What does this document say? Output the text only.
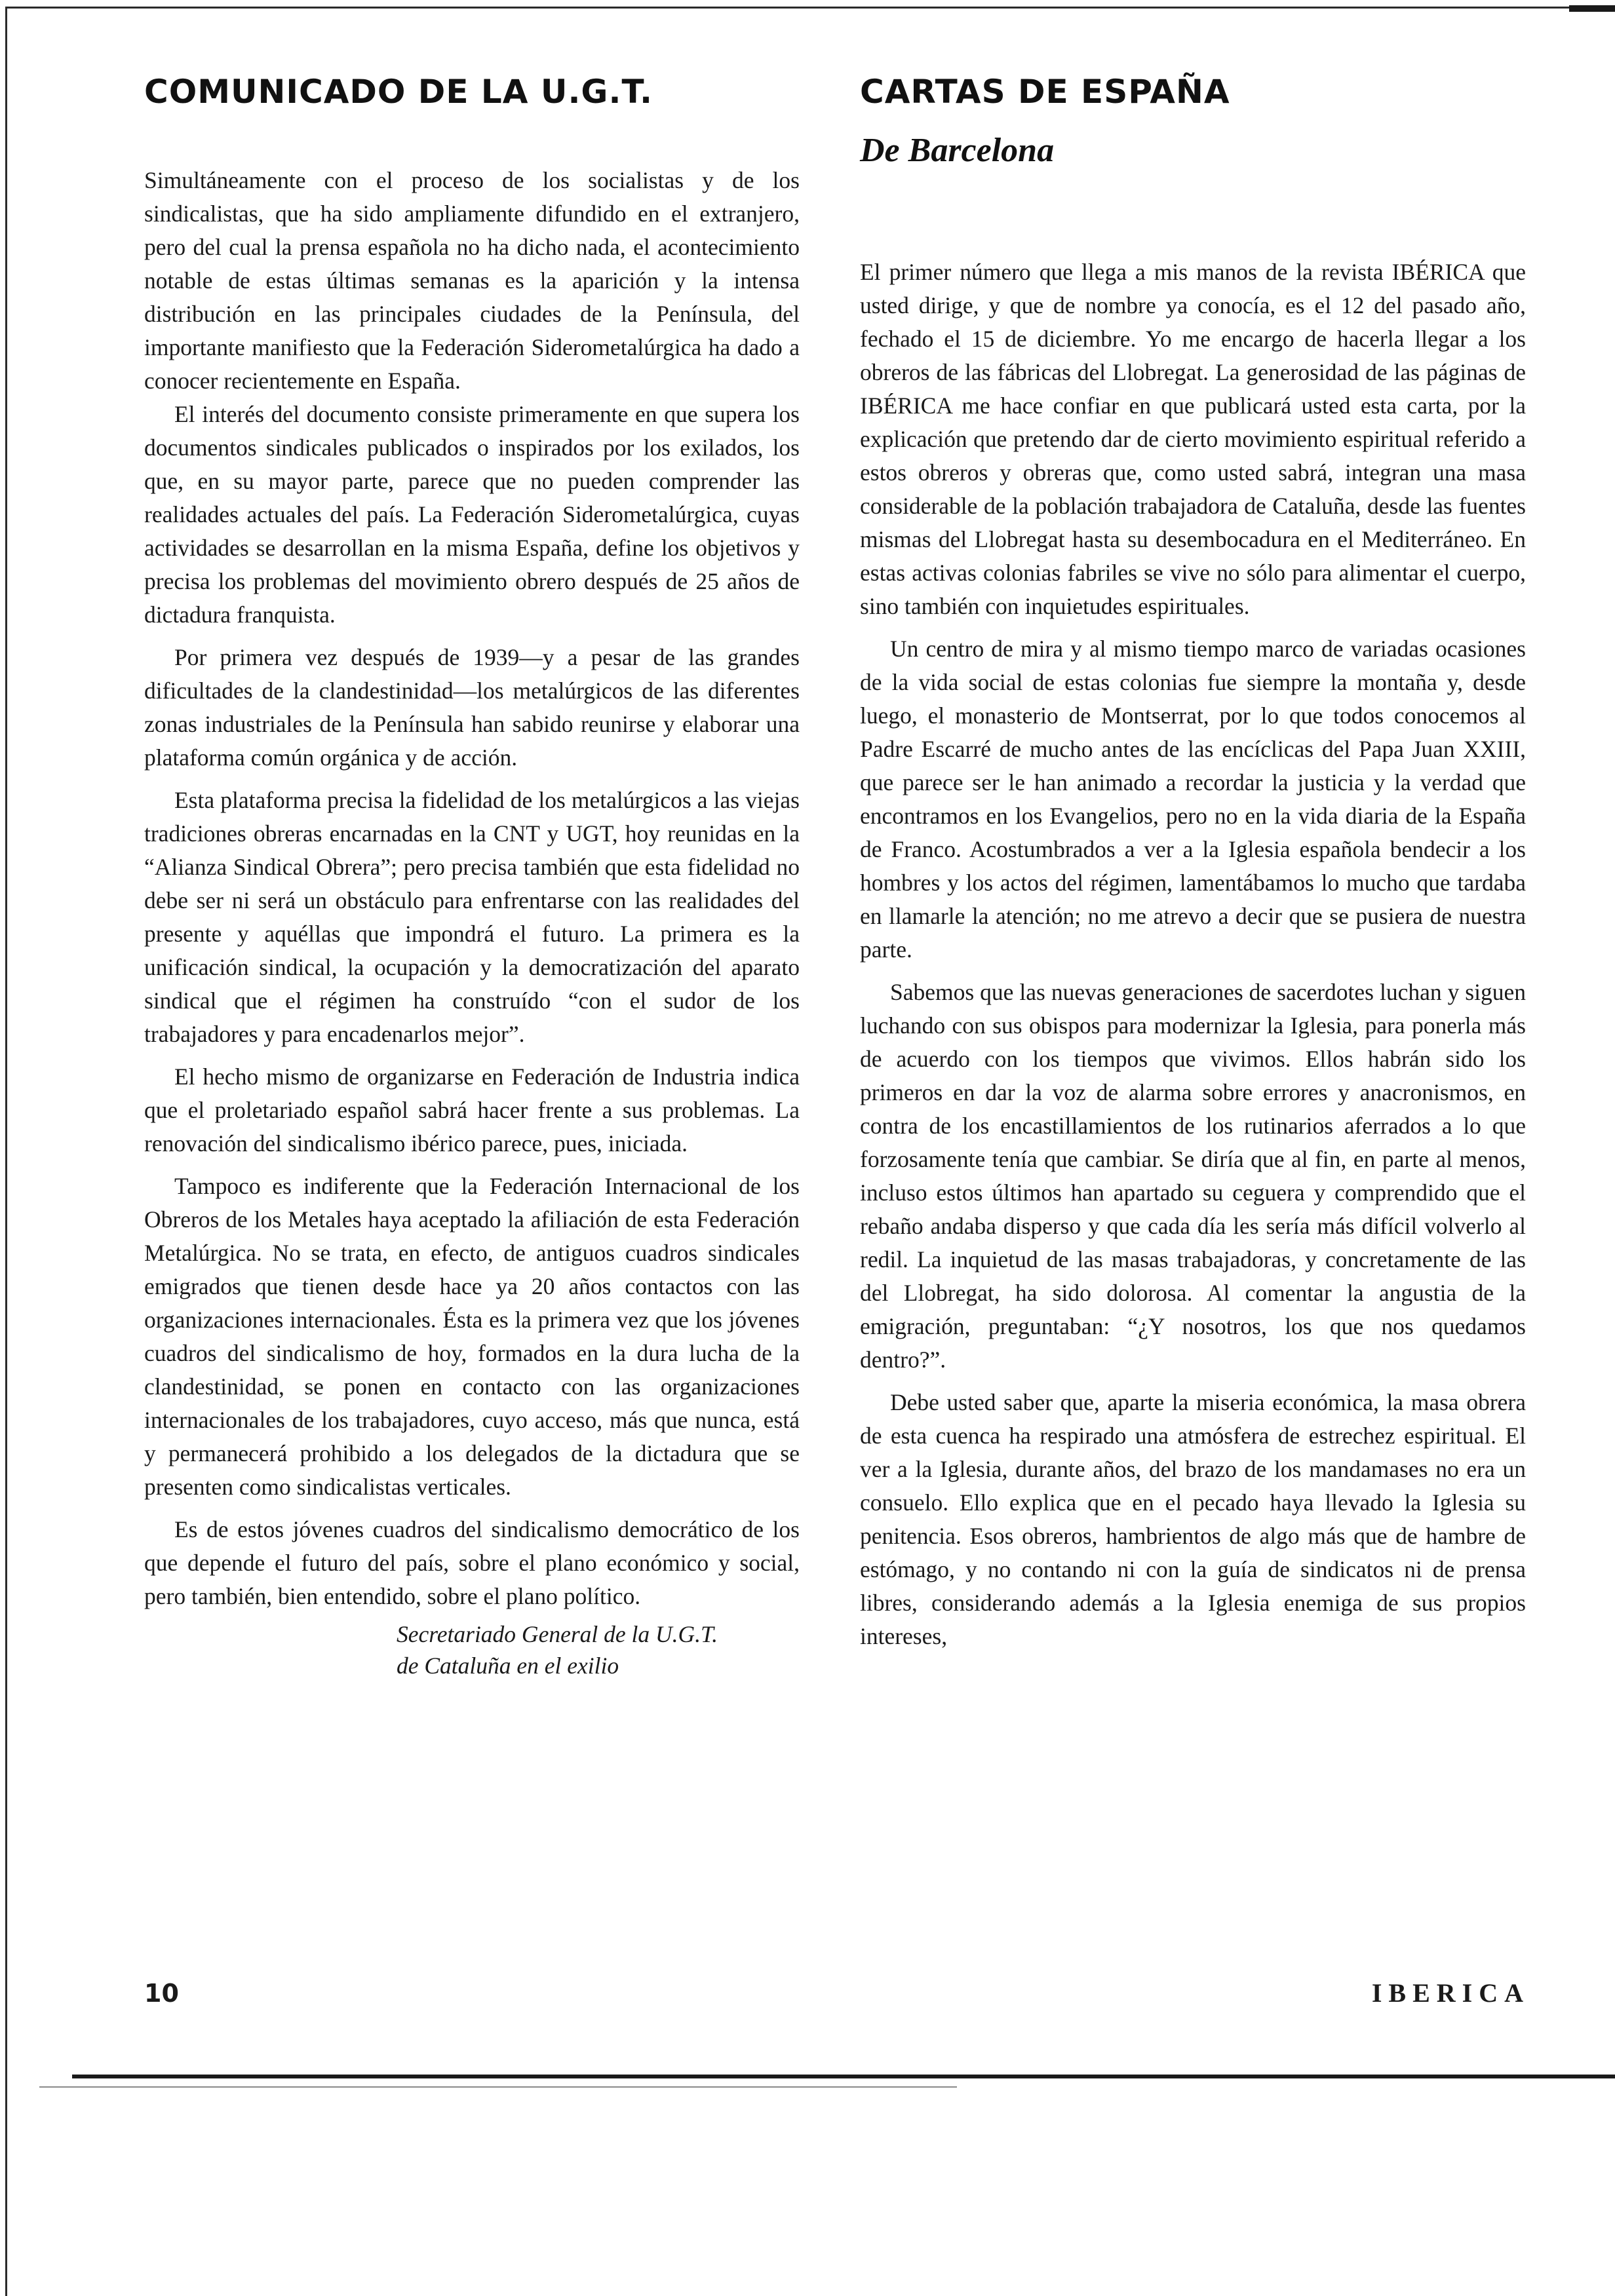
COMUNICADO DE LA U.G.T.

Simultáneamente con el proceso de los socialistas y de los sindicalistas, que ha sido ampliamente difundido en el extranjero, pero del cual la prensa española no ha dicho nada, el acontecimiento notable de estas últimas semanas es la aparición y la intensa distribución en las principales ciudades de la Península, del importante manifiesto que la Federación Siderometalúrgica ha dado a conocer recientemente en España.

El interés del documento consiste primeramente en que supera los documentos sindicales publicados o inspirados por los exilados, los que, en su mayor parte, parece que no pueden comprender las realidades actuales del país. La Federación Siderometalúrgica, cuyas actividades se desarrollan en la misma España, define los objetivos y precisa los problemas del movimiento obrero después de 25 años de dictadura franquista.

Por primera vez después de 1939—y a pesar de las grandes dificultades de la clandestinidad—los metalúrgicos de las diferentes zonas industriales de la Península han sabido reunirse y elaborar una plataforma común orgánica y de acción.

Esta plataforma precisa la fidelidad de los metalúrgicos a las viejas tradiciones obreras encarnadas en la CNT y UGT, hoy reunidas en la “Alianza Sindical Obrera”; pero precisa también que esta fidelidad no debe ser ni será un obstáculo para enfrentarse con las realidades del presente y aquéllas que impondrá el futuro. La primera es la unificación sindical, la ocupación y la democratización del aparato sindical que el régimen ha construído “con el sudor de los trabajadores y para encadenarlos mejor”.

El hecho mismo de organizarse en Federación de Industria indica que el proletariado español sabrá hacer frente a sus problemas. La renovación del sindicalismo ibérico parece, pues, iniciada.

Tampoco es indiferente que la Federación Internacional de los Obreros de los Metales haya aceptado la afiliación de esta Federación Metalúrgica. No se trata, en efecto, de antiguos cuadros sindicales emigrados que tienen desde hace ya 20 años contactos con las organizaciones internacionales. Ésta es la primera vez que los jóvenes cuadros del sindicalismo de hoy, formados en la dura lucha de la clandestinidad, se ponen en contacto con las organizaciones internacionales de los trabajadores, cuyo acceso, más que nunca, está y permanecerá prohibido a los delegados de la dictadura que se presenten como sindicalistas verticales.

Es de estos jóvenes cuadros del sindicalismo democrático de los que depende el futuro del país, sobre el plano económico y social, pero también, bien entendido, sobre el plano político.

Secretariado General de la U.G.T.
de Cataluña en el exilio
CARTAS DE ESPAÑA
De Barcelona

El primer número que llega a mis manos de la revista IBÉRICA que usted dirige, y que de nombre ya conocía, es el 12 del pasado año, fechado el 15 de diciembre. Yo me encargo de hacerla llegar a los obreros de las fábricas del Llobregat. La generosidad de las páginas de IBÉRICA me hace confiar en que publicará usted esta carta, por la explicación que pretendo dar de cierto movimiento espiritual referido a estos obreros y obreras que, como usted sabrá, integran una masa considerable de la población trabajadora de Cataluña, desde las fuentes mismas del Llobregat hasta su desembocadura en el Mediterráneo. En estas activas colonias fabriles se vive no sólo para alimentar el cuerpo, sino también con inquietudes espirituales.

Un centro de mira y al mismo tiempo marco de variadas ocasiones de la vida social de estas colonias fue siempre la montaña y, desde luego, el monasterio de Montserrat, por lo que todos conocemos al Padre Escarré de mucho antes de las encíclicas del Papa Juan XXIII, que parece ser le han animado a recordar la justicia y la verdad que encontramos en los Evangelios, pero no en la vida diaria de la España de Franco. Acostumbrados a ver a la Iglesia española bendecir a los hombres y los actos del régimen, lamentábamos lo mucho que tardaba en llamarle la atención; no me atrevo a decir que se pusiera de nuestra parte.

Sabemos que las nuevas generaciones de sacerdotes luchan y siguen luchando con sus obispos para modernizar la Iglesia, para ponerla más de acuerdo con los tiempos que vivimos. Ellos habrán sido los primeros en dar la voz de alarma sobre errores y anacronismos, en contra de los encastillamientos de los rutinarios aferrados a lo que forzosamente tenía que cambiar. Se diría que al fin, en parte al menos, incluso estos últimos han apartado su ceguera y comprendido que el rebaño andaba disperso y que cada día les sería más difícil volverlo al redil. La inquietud de las masas trabajadoras, y concretamente de las del Llobregat, ha sido dolorosa. Al comentar la angustia de la emigración, preguntaban: “¿Y nosotros, los que nos quedamos dentro?”.

Debe usted saber que, aparte la miseria económica, la masa obrera de esta cuenca ha respirado una atmósfera de estrechez espiritual. El ver a la Iglesia, durante años, del brazo de los mandamases no era un consuelo. Ello explica que en el pecado haya llevado la Iglesia su penitencia. Esos obreros, hambrientos de algo más que de hambre de estómago, y no contando ni con la guía de sindicatos ni de prensa libres, considerando además a la Iglesia enemiga de sus propios intereses,

10	IBERICA
